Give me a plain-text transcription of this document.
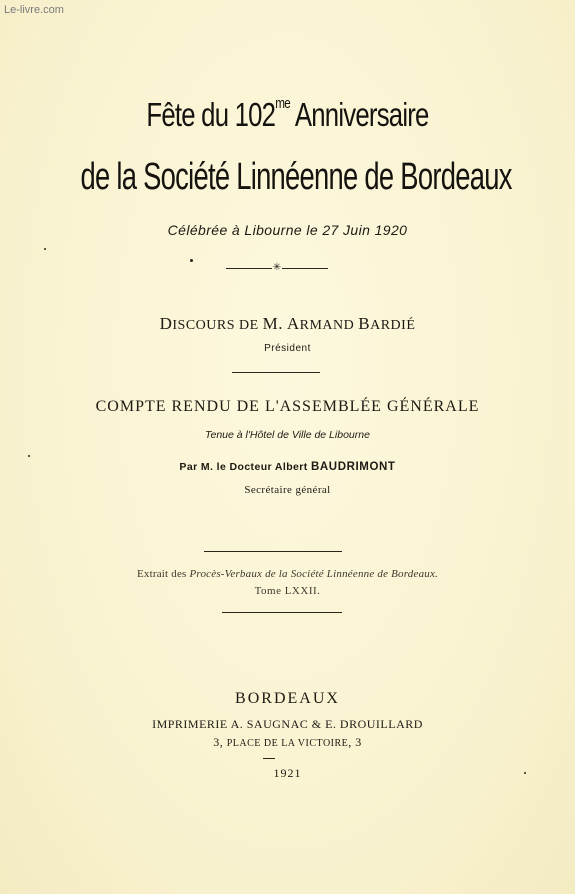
Le-livre.com
Fête du $102^{me}$ Anniversaire
de la Société Linnéenne de Bordeaux
Célébrée à Libourne le 27 Juin 1920
✳
DISCOURS DE M. ARMAND BARDIÉ
Président
COMPTE RENDU DE L'ASSEMBLÉE GÉNÉRALE
Tenue à l'Hôtel de Ville de Libourne
Par M. le Docteur Albert BAUDRIMONT
Secrétaire général
Extrait des Procès-Verbaux de la Société Linnéenne de Bordeaux.
Tome LXXII.
BORDEAUX
IMPRIMERIE A. SAUGNAC & E. DROUILLARD
3, PLACE DE LA VICTOIRE, 3
1921
